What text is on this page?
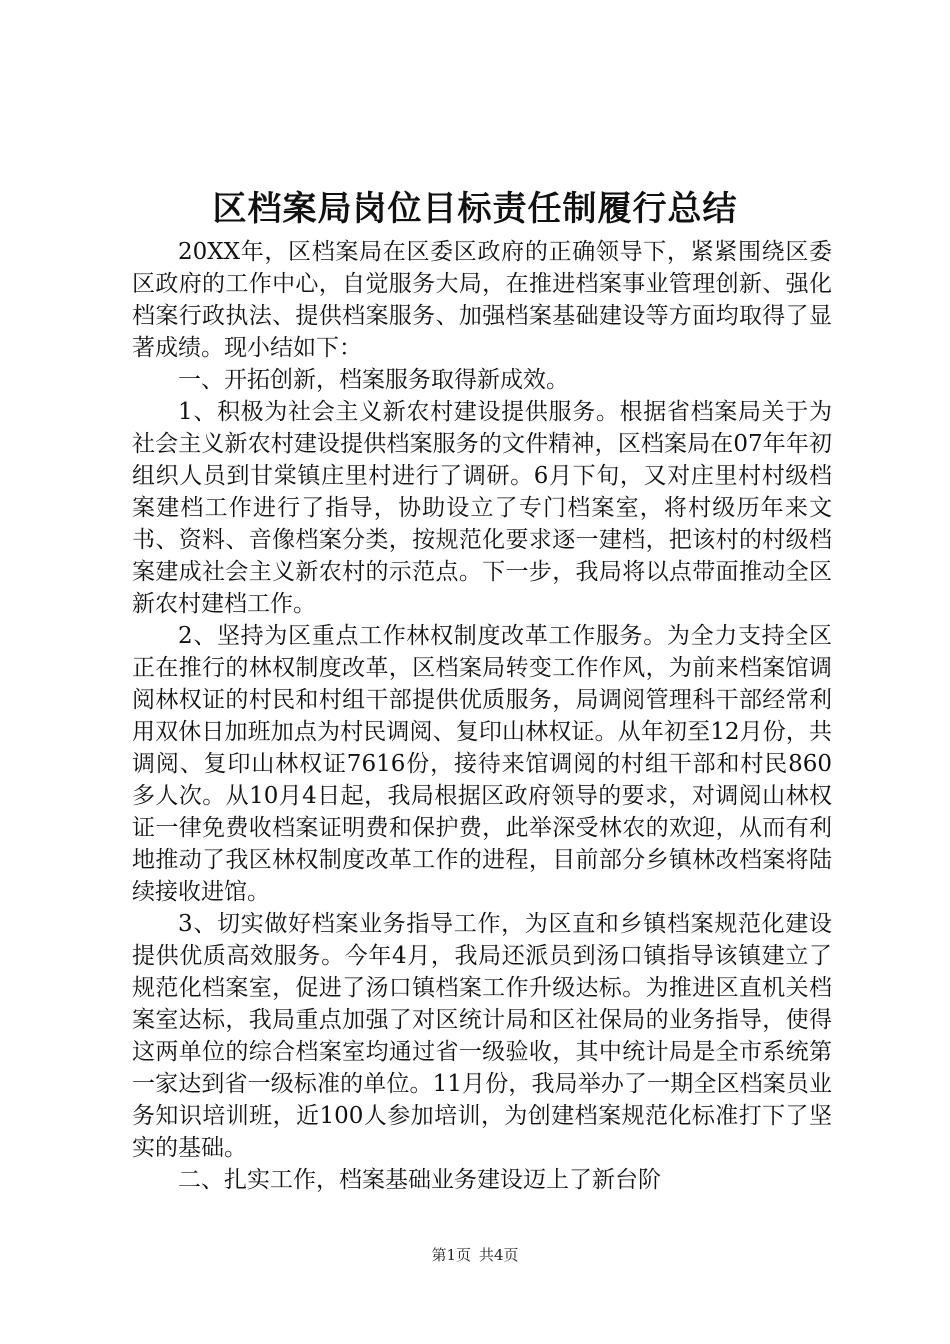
区档案局岗位目标责任制履行总结

20XX年，区档案局在区委区政府的正确领导下，紧紧围绕区委区政府的工作中心，自觉服务大局，在推进档案事业管理创新、强化档案行政执法、提供档案服务、加强档案基础建设等方面均取得了显著成绩。现小结如下：

一、开拓创新，档案服务取得新成效。

1、积极为社会主义新农村建设提供服务。根据省档案局关于为社会主义新农村建设提供档案服务的文件精神，区档案局在07年年初组织人员到甘棠镇庄里村进行了调研。6月下旬，又对庄里村村级档案建档工作进行了指导，协助设立了专门档案室，将村级历年来文书、资料、音像档案分类，按规范化要求逐一建档，把该村的村级档案建成社会主义新农村的示范点。下一步，我局将以点带面推动全区新农村建档工作。

2、坚持为区重点工作林权制度改革工作服务。为全力支持全区正在推行的林权制度改革，区档案局转变工作作风，为前来档案馆调阅林权证的村民和村组干部提供优质服务，局调阅管理科干部经常利用双休日加班加点为村民调阅、复印山林权证。从年初至12月份，共调阅、复印山林权证7616份，接待来馆调阅的村组干部和村民860多人次。从10月4日起，我局根据区政府领导的要求，对调阅山林权证一律免费收档案证明费和保护费，此举深受林农的欢迎，从而有利地推动了我区林权制度改革工作的进程，目前部分乡镇林改档案将陆续接收进馆。

3、切实做好档案业务指导工作，为区直和乡镇档案规范化建设提供优质高效服务。今年4月，我局还派员到汤口镇指导该镇建立了规范化档案室，促进了汤口镇档案工作升级达标。为推进区直机关档案室达标，我局重点加强了对区统计局和区社保局的业务指导，使得这两单位的综合档案室均通过省一级验收，其中统计局是全市系统第一家达到省一级标准的单位。11月份，我局举办了一期全区档案员业务知识培训班，近100人参加培训，为创建档案规范化标准打下了坚实的基础。

二、扎实工作，档案基础业务建设迈上了新台阶

第1页 共4页
